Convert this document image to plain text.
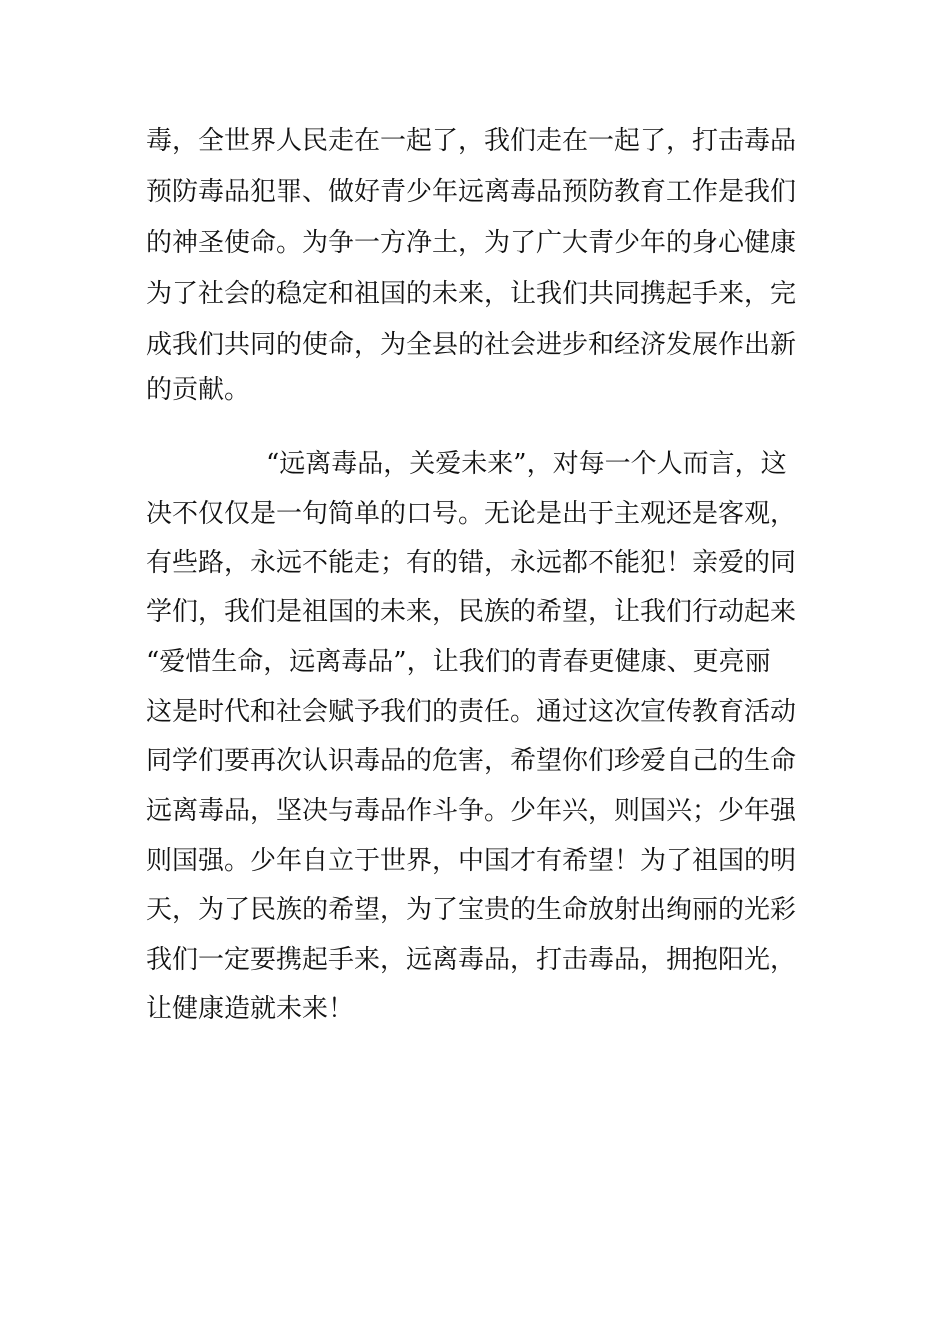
毒，全世界人民走在一起了，我们走在一起了，打击毒品
预防毒品犯罪、做好青少年远离毒品预防教育工作是我们
的神圣使命。为争一方净土，为了广大青少年的身心健康
为了社会的稳定和祖国的未来，让我们共同携起手来，完
成我们共同的使命，为全县的社会进步和经济发展作出新
的贡献。
“远离毒品，关爱未来”，对每一个人而言，这
决不仅仅是一句简单的口号。无论是出于主观还是客观，
有些路，永远不能走；有的错，永远都不能犯！亲爱的同
学们，我们是祖国的未来，民族的希望，让我们行动起来
“爱惜生命，远离毒品”，让我们的青春更健康、更亮丽
这是时代和社会赋予我们的责任。通过这次宣传教育活动
同学们要再次认识毒品的危害，希望你们珍爱自己的生命
远离毒品，坚决与毒品作斗争。少年兴，则国兴；少年强
则国强。少年自立于世界，中国才有希望！为了祖国的明
天，为了民族的希望，为了宝贵的生命放射出绚丽的光彩
我们一定要携起手来，远离毒品，打击毒品，拥抱阳光，
让健康造就未来！
